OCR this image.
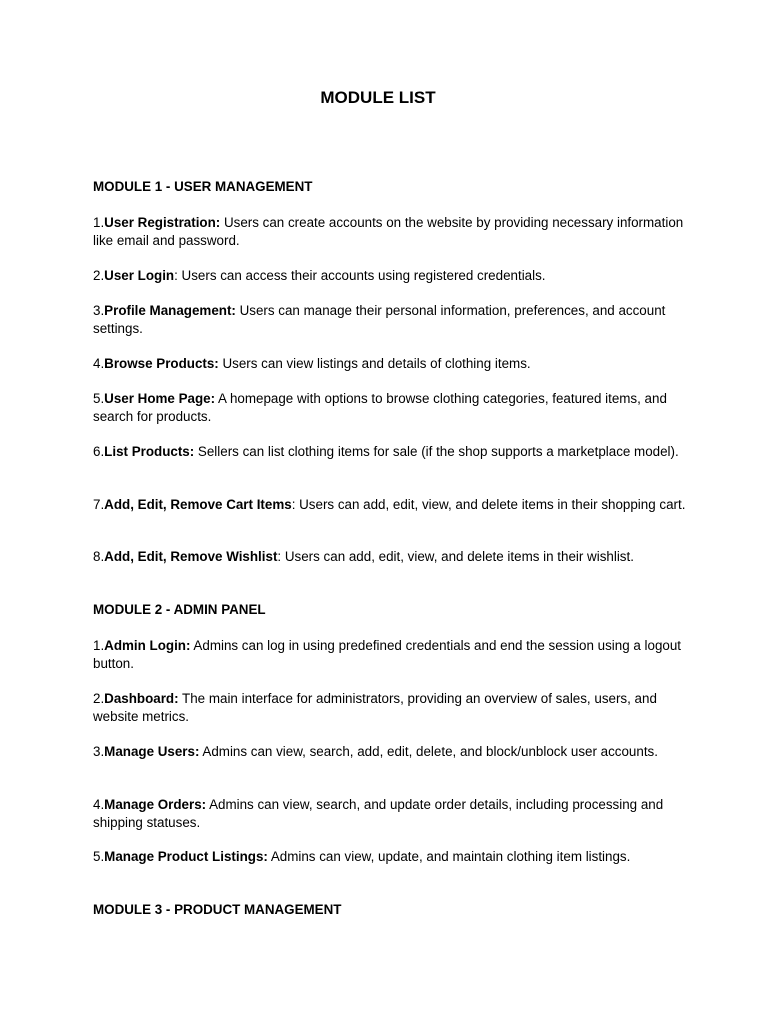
MODULE LIST
MODULE 1 - USER MANAGEMENT
1.User Registration: Users can create accounts on the website by providing necessary information like email and password.
2.User Login: Users can access their accounts using registered credentials.
3.Profile Management: Users can manage their personal information, preferences, and account settings.
4.Browse Products: Users can view listings and details of clothing items.
5.User Home Page: A homepage with options to browse clothing categories, featured items, and search for products.
6.List Products: Sellers can list clothing items for sale (if the shop supports a marketplace model).
7.Add, Edit, Remove Cart Items: Users can add, edit, view, and delete items in their shopping cart.
8.Add, Edit, Remove Wishlist: Users can add, edit, view, and delete items in their wishlist.
MODULE 2 - ADMIN PANEL
1.Admin Login: Admins can log in using predefined credentials and end the session using a logout button.
2.Dashboard: The main interface for administrators, providing an overview of sales, users, and website metrics.
3.Manage Users: Admins can view, search, add, edit, delete, and block/unblock user accounts.
4.Manage Orders: Admins can view, search, and update order details, including processing and shipping statuses.
5.Manage Product Listings: Admins can view, update, and maintain clothing item listings.
MODULE 3 - PRODUCT MANAGEMENT
